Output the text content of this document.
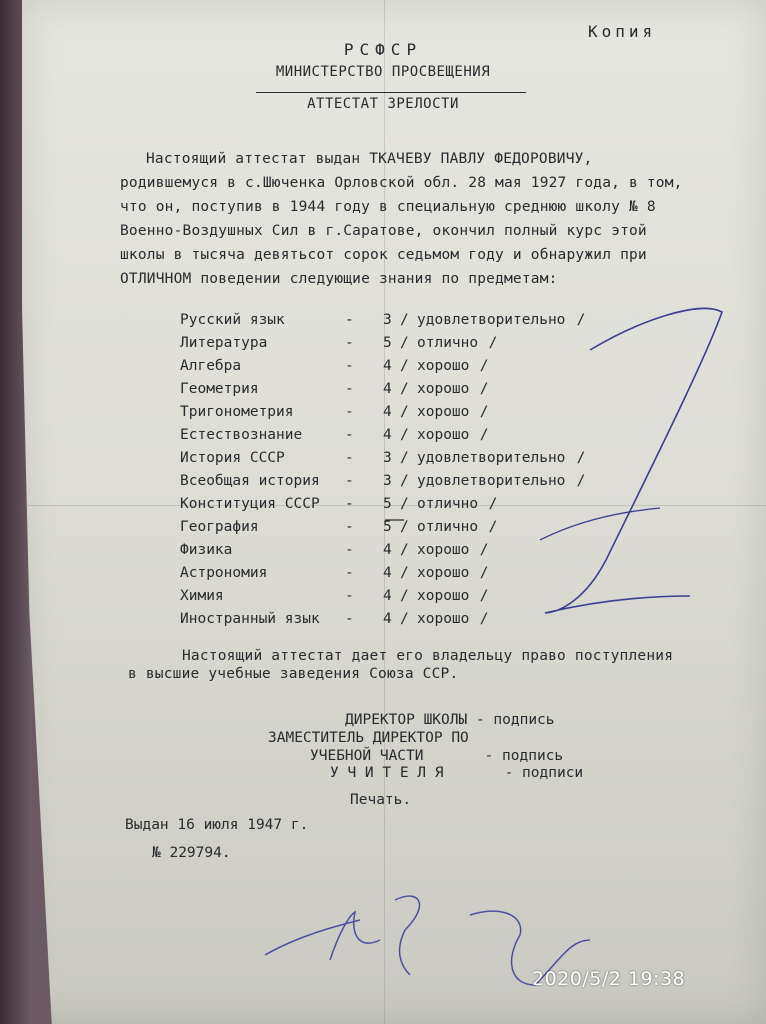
Копия
РСФСР
МИНИСТЕРСТВО ПРОСВЕЩЕНИЯ
АТТЕСТАТ ЗРЕЛОСТИ
Настоящий аттестат выдан ТКАЧЕВУ ПАВЛУ ФЕДОРОВИЧУ,
родившемуся в с.Шюченка Орловской обл. 28 мая 1927 года, в том,
что он, поступив в 1944 году в специальную среднюю школу № 8
Военно-Воздушных Сил в г.Саратове, окончил полный курс этой
школы в тысяча девятьсот сорок седьмом году и обнаружил при
ОТЛИЧНОМ поведении следующие знания по предметам:
Русский язык	- 3 / удовлетворительно /
Литература	- 5 / отлично /
Алгебра	- 4 / хорошо /
Геометрия	- 4 / хорошо /
Тригонометрия	- 4 / хорошо /
Естествознание	- 4 / хорошо /
История СССР	- 3 / удовлетворительно /
Всеобщая история - 3 / удовлетворительно /
Конституция СССР - 5 / отлично /
География	- 5 / отлично /
Физика	- 4 / хорошо /
Астрономия	- 4 / хорошо /
Химия	- 4 / хорошо /
Иностранный язык - 4 / хорошо /
Настоящий аттестат дает его владельцу право поступления
в высшие учебные заведения Союза ССР.
ДИРЕКТОР ШКОЛЫ - подпись
ЗАМЕСТИТЕЛЬ ДИРЕКТОР ПО
УЧЕБНОЙ ЧАСТИ       - подпись
У Ч И Т Е Л Я       - подписи
Печать.
Выдан 16 июля 1947 г.
№ 229794.
2020/5/2 19:38
